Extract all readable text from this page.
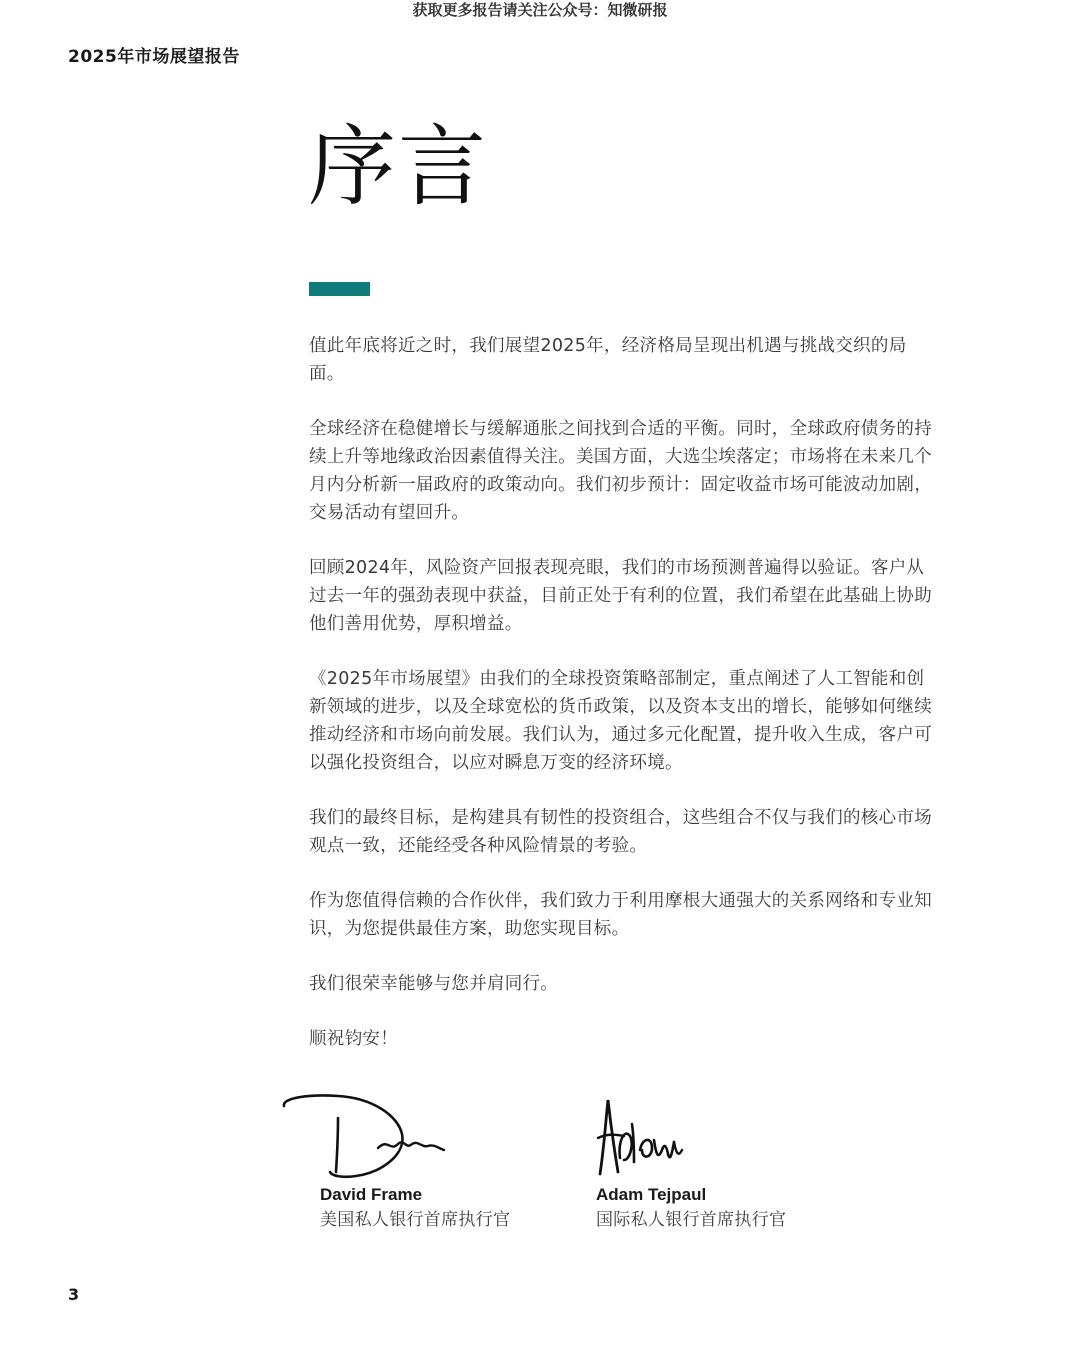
获取更多报告请关注公众号：知微研报
2025年市场展望报告
序言

值此年底将近之时，我们展望2025年，经济格局呈现出机遇与挑战交织的局面。

全球经济在稳健增长与缓解通胀之间找到合适的平衡。同时，全球政府债务的持续上升等地缘政治因素值得关注。美国方面，大选尘埃落定；市场将在未来几个月内分析新一届政府的政策动向。我们初步预计：固定收益市场可能波动加剧，交易活动有望回升。

回顾2024年，风险资产回报表现亮眼，我们的市场预测普遍得以验证。客户从过去一年的强劲表现中获益，目前正处于有利的位置，我们希望在此基础上协助他们善用优势，厚积增益。

《2025年市场展望》由我们的全球投资策略部制定，重点阐述了人工智能和创新领域的进步，以及全球宽松的货币政策，以及资本支出的增长，能够如何继续推动经济和市场向前发展。我们认为，通过多元化配置，提升收入生成，客户可以强化投资组合，以应对瞬息万变的经济环境。

我们的最终目标，是构建具有韧性的投资组合，这些组合不仅与我们的核心市场观点一致，还能经受各种风险情景的考验。

作为您值得信赖的合作伙伴，我们致力于利用摩根大通强大的关系网络和专业知识，为您提供最佳方案，助您实现目标。

我们很荣幸能够与您并肩同行。

顺祝钧安！

David Frame
美国私人银行首席执行官
Adam Tejpaul
国际私人银行首席执行官
3
